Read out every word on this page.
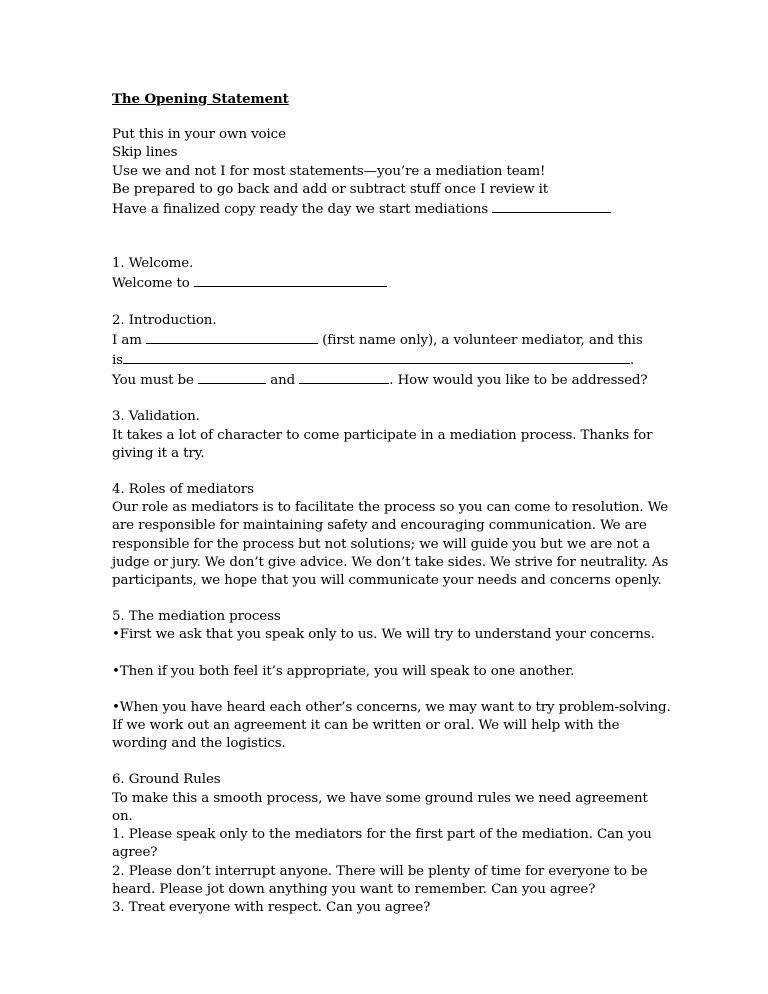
The Opening Statement
Put this in your own voice
Skip lines
Use we and not I for most statements—you’re a mediation team!
Be prepared to go back and add or subtract stuff once I review it
Have a finalized copy ready the day we start mediations
1. Welcome.
Welcome to
2. Introduction.
I am	(first name only), a volunteer mediator, and this
is	.
You must be	and	. How would you like to be addressed?
3. Validation.
It takes a lot of character to come participate in a mediation process. Thanks for giving it a try.
4. Roles of mediators
Our role as mediators is to facilitate the process so you can come to resolution. We are responsible for maintaining safety and encouraging communication. We are responsible for the process but not solutions; we will guide you but we are not a judge or jury. We don’t give advice. We don’t take sides. We strive for neutrality. As participants, we hope that you will communicate your needs and concerns openly.
5. The mediation process
•First we ask that you speak only to us. We will try to understand your concerns.
•Then if you both feel it’s appropriate, you will speak to one another.
•When you have heard each other’s concerns, we may want to try problem-solving. If we work out an agreement it can be written or oral. We will help with the wording and the logistics.
6. Ground Rules
To make this a smooth process, we have some ground rules we need agreement on.
1. Please speak only to the mediators for the first part of the mediation. Can you agree?
2. Please don’t interrupt anyone. There will be plenty of time for everyone to be heard. Please jot down anything you want to remember. Can you agree?
3. Treat everyone with respect. Can you agree?
